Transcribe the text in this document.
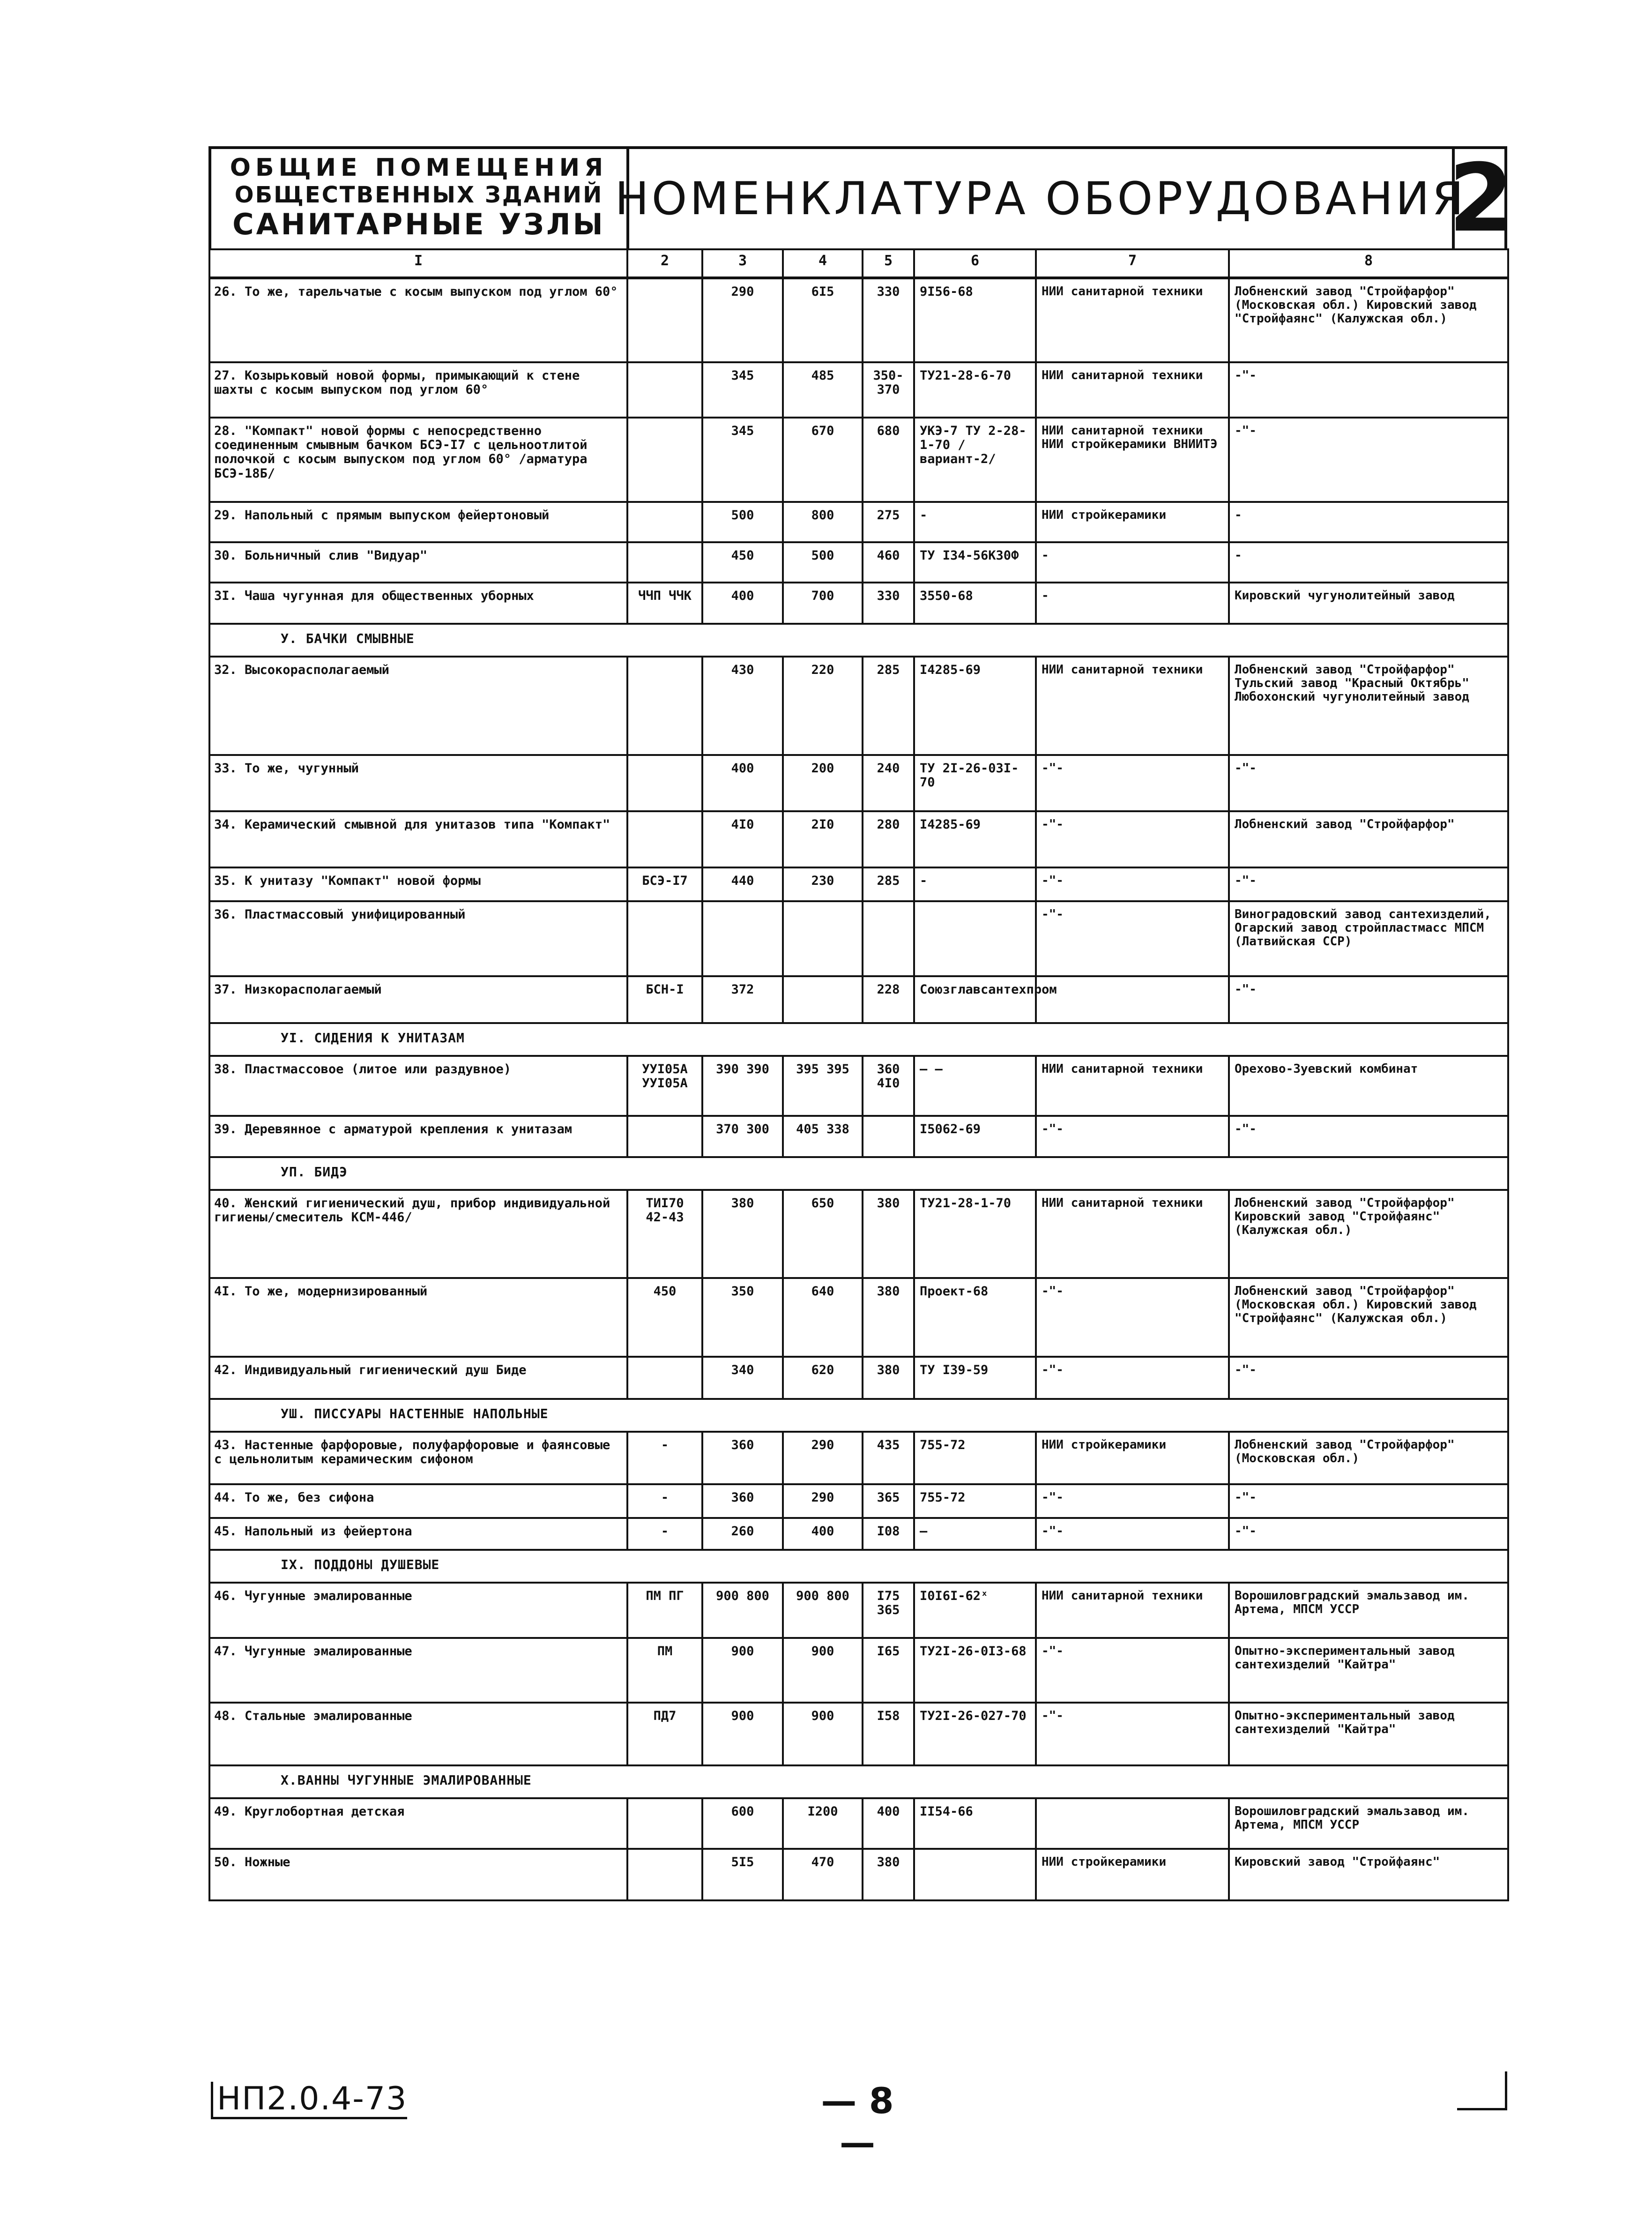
ОБЩИЕ ПОМЕЩЕНИЯ
ОБЩЕСТВЕННЫХ ЗДАНИЙ
САНИТАРНЫЕ УЗЛЫ НОМЕНКЛАТУРА ОБОРУДОВАНИЯ
2
I	2	3	4	5	6	7	8
26. То же, тарельчатые с косым выпуском под углом 60°		290	6I5	330	9I56-68	НИИ санитарной техники	Лобненский завод "Стройфарфор" (Московская обл.) Кировский завод "Стройфаянс" (Калужская обл.)
27. Козырьковый новой формы, примыкающий к стене шахты с косым выпуском под углом 60°		345	485	350-370	ТУ21-28-6-70	НИИ санитарной техники	-"-
28. "Компакт" новой формы с непосредственно соединенным смывным бачком БСЭ-I7 с цельноотлитой полочкой с косым выпуском под углом 60° /арматура БСЭ-18Б/		345	670	680	УКЭ-7 ТУ 2-28-1-70 /вариант-2/	НИИ санитарной техники НИИ стройкерамики ВНИИТЭ	-"-
29. Напольный с прямым выпуском фейертоновый		500	800	275	-	НИИ стройкерамики	-
30. Больничный слив "Видуар"		450	500	460	ТУ I34-56К30Ф	-	-
3I. Чаша чугунная для общественных уборных	ЧЧП ЧЧК	400	700	330	3550-68	-	Кировский чугунолитейный завод
У. БАЧКИ СМЫВНЫЕ							
32. Высокорасполагаемый		430	220	285	I4285-69	НИИ санитарной техники	Лобненский завод "Стройфарфор" Тульский завод "Красный Октябрь" Любохонский чугунолитейный завод
33. То же, чугунный		400	200	240	ТУ 2I-26-03I-70	-"-	-"-
34. Керамический смывной для унитазов типа "Компакт"		4I0	2I0	280	I4285-69	-"-	Лобненский завод "Стройфарфор"
35. К унитазу "Компакт" новой формы	БСЭ-I7	440	230	285	-	-"-	-"-
36. Пластмассовый унифицированный						-"-	Виноградовский завод сантехизделий, Огарский завод стройпластмасс МПСМ (Латвийская ССР)
37. Низкорасполагаемый	БСН-I	372		228	Союзглавсантехпром		-"-
УI. СИДЕНИЯ К УНИТАЗАМ							
38. Пластмассовое (литое или раздувное)	УУI05А УУI05А	390 390	395 395	360 4I0	– –	НИИ санитарной техники	Орехово-Зуевский комбинат
39. Деревянное с арматурой крепления к унитазам		370 300	405 338		I5062-69	-"-	-"-
УП. БИДЭ							
40. Женский гигиенический душ, прибор индивидуальной гигиены/смеситель КСМ-446/	ТИI70 42-43	380	650	380	ТУ21-28-1-70	НИИ санитарной техники	Лобненский завод "Стройфарфор" Кировский завод "Стройфаянс" (Калужская обл.)
4I. То же, модернизированный	450	350	640	380	Проект-68	-"-	Лобненский завод "Стройфарфор" (Московская обл.) Кировский завод "Стройфаянс" (Калужская обл.)
42. Индивидуальный гигиенический душ Биде		340	620	380	ТУ I39-59	-"-	-"-
УШ. ПИССУАРЫ НАСТЕННЫЕ НАПОЛЬНЫЕ							
43. Настенные фарфоровые, полуфарфоровые и фаянсовые с цельнолитым керамическим сифоном	-	360	290	435	755-72	НИИ стройкерамики	Лобненский завод "Стройфарфор" (Московская обл.)
44. То же, без сифона	-	360	290	365	755-72	-"-	-"-
45. Напольный из фейертона	-	260	400	I08	–	-"-	-"-
IX. ПОДДОНЫ ДУШЕВЫЕ							
46. Чугунные эмалированные	ПМ ПГ	900 800	900 800	I75 365	I0I6I-62ˣ	НИИ санитарной техники	Ворошиловградский эмальзавод им. Артема, МПСМ УССР
47. Чугунные эмалированные	ПМ	900	900	I65	ТУ2I-26-0I3-68	-"-	Опытно-экспериментальный завод сантехизделий "Кайтра"
48. Стальные эмалированные	ПД7	900	900	I58	ТУ2I-26-027-70	-"-	Опытно-экспериментальный завод сантехизделий "Кайтра"
Х.ВАННЫ ЧУГУННЫЕ ЭМАЛИРОВАННЫЕ							
49. Круглобортная детская		600	I200	400	II54-66		Ворошиловградский эмальзавод им. Артема, МПСМ УССР
50. Ножные		5I5	470	380		НИИ стройкерамики	Кировский завод "Стройфаянс"
НП2.0.4-73	— 8 —
